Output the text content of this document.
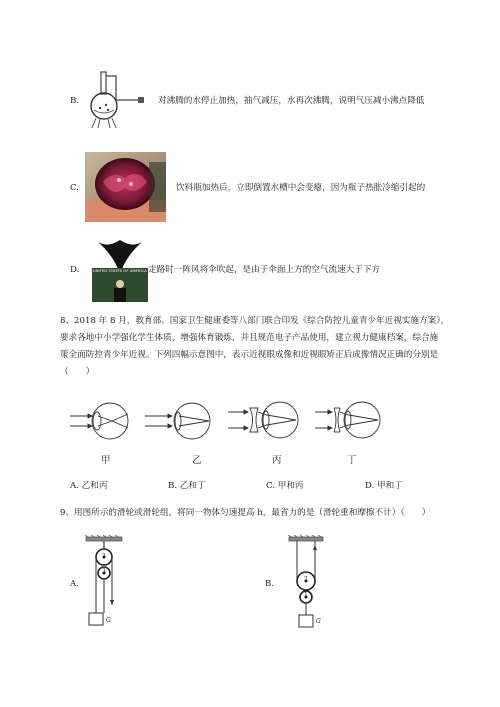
B.	对沸腾的水停止加热，抽气减压，水再次沸腾，说明气压减小沸点降低
C.	饮料瓶加热后，立即倒置水槽中会变瘪，因为瓶子热胀冷缩引起的
D.	UNITED STATES OF AMERICA 走路时一阵风将伞吹起，是由于伞面上方的空气流速大于下方
8、2018 年 8 月，教育部、国家卫生健康委等八部门联合印发《综合防控儿童青少年近视实施方案》，
要求各地中小学强化学生体质，增强体育锻炼，并且规范电子产品使用，建立视力健康档案，综合施
策全面防控青少年近视。下列四幅示意图中，表示近视眼成像和近视眼矫正后成像情况正确的分别是
（　　）
甲	乙	丙	丁
A. 乙和丙	B. 乙和丁	C. 甲和丙	D. 甲和丁
9、用图所示的滑轮或滑轮组，将同一物体匀速提高 h，最省力的是（滑轮重和摩擦不计）（　　）
A.
1
2
3
G
B.	2
1
G
